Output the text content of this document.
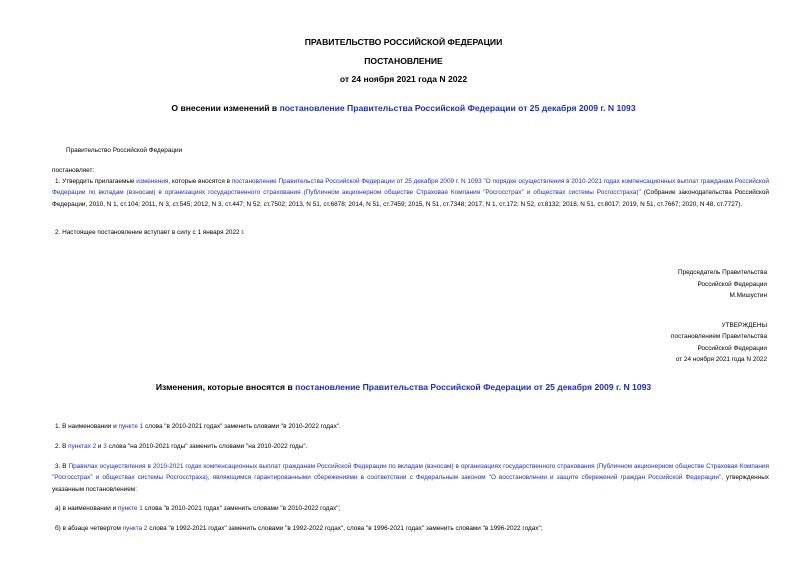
ПРАВИТЕЛЬСТВО РОССИЙСКОЙ ФЕДЕРАЦИИ
ПОСТАНОВЛЕНИЕ
от 24 ноября 2021 года N 2022
О внесении изменений в постановление Правительства Российской Федерации от 25 декабря 2009 г. N 1093
Правительство Российской Федерации
постановляет:
1. Утвердить прилагаемые изменения, которые вносятся в постановление Правительства Российской Федерации от 25 декабря 2009 г. N 1093 "О порядке осуществления в 2010-2021 годах компенсационных выплат гражданам Российской Федерации по вкладам (взносам) в организациях государственного страхования (Публичном акционерном обществе Страховая Компания "Росгосстрах" и обществах системы Росгосстраха)" (Собрание законодательства Российской Федерации, 2010, N 1, ст.104; 2011, N 3, ст.545; 2012, N 3, ст.447; N 52, ст.7502; 2013, N 51, ст.6878; 2014, N 51, ст.7459; 2015, N 51, ст.7348; 2017, N 1, ст.172; N 52, ст.8132; 2018, N 51, ст.8017; 2019, N 51, ст.7667; 2020, N 48, ст.7727).
2. Настоящее постановление вступает в силу с 1 января 2022 г.
Председатель Правительства
Российской Федерации
М.Мишустин
УТВЕРЖДЕНЫ
постановлением Правительства
Российской Федерации
от 24 ноября 2021 года N 2022
Изменения, которые вносятся в постановление Правительства Российской Федерации от 25 декабря 2009 г. N 1093
1. В наименовании и пункте 1 слова "в 2010-2021 годах" заменить словами "в 2010-2022 годах".
2. В пунктах 2 и 3 слова "на 2010-2021 годы" заменить словами "на 2010-2022 годы".
3. В Правилах осуществления в 2010-2021 годах компенсационных выплат гражданам Российской Федерации по вкладам (взносам) в организациях государственного страхования (Публичном акционерном обществе Страховая Компания "Росгосстрах" и обществах системы Росгосстраха), являющимся гарантированными сбережениями в соответствии с Федеральным законом "О восстановлении и защите сбережений граждан Российской Федерации", утвержденных указанным постановлением:
а) в наименовании и пункте 1 слова "в 2010-2021 годах" заменить словами "в 2010-2022 годах";
б) в абзаце четвертом пункта 2 слова "в 1992-2021 годах" заменить словами "в 1992-2022 годах", слова "в 1996-2021 годах" заменить словами "в 1996-2022 годах";
